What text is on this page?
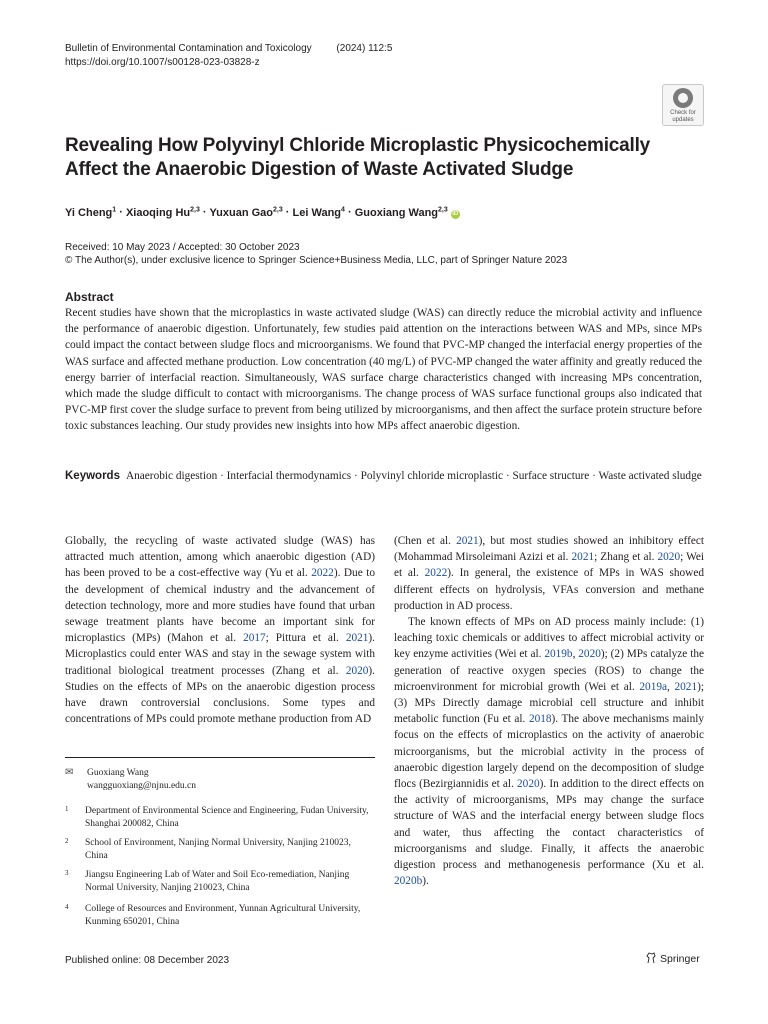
Bulletin of Environmental Contamination and Toxicology (2024) 112:5
https://doi.org/10.1007/s00128-023-03828-z
Check for
updates
Revealing How Polyvinyl Chloride Microplastic Physicochemically Affect the Anaerobic Digestion of Waste Activated Sludge
Yi Cheng$^1$ · Xiaoqing Hu$^{2,3}$ · Yuxuan Gao$^{2,3}$ · Lei Wang$^4$ · Guoxiang Wang$^{2,3}$iD
Received: 10 May 2023 / Accepted: 30 October 2023
© The Author(s), under exclusive licence to Springer Science+Business Media, LLC, part of Springer Nature 2023
Abstract
Recent studies have shown that the microplastics in waste activated sludge (WAS) can directly reduce the microbial activity and influence the performance of anaerobic digestion. Unfortunately, few studies paid attention on the interactions between WAS and MPs, since MPs could impact the contact between sludge flocs and microorganisms. We found that PVC-MP changed the interfacial energy properties of the WAS surface and affected methane production. Low concentration (40 mg/L) of PVC-MP changed the water affinity and greatly reduced the energy barrier of interfacial reaction. Simultaneously, WAS surface charge characteristics changed with increasing MPs concentration, which made the sludge difficult to contact with microorganisms. The change process of WAS surface functional groups also indicated that PVC-MP first cover the sludge surface to prevent from being utilized by microorganisms, and then affect the surface protein structure before toxic substances leaching. Our study provides new insights into how MPs affect anaerobic digestion.
Keywords Anaerobic digestion · Interfacial thermodynamics · Polyvinyl chloride microplastic · Surface structure · Waste activated sludge

Globally, the recycling of waste activated sludge (WAS) has attracted much attention, among which anaerobic digestion (AD) has been proved to be a cost-effective way (Yu et al. 2022). Due to the development of chemical industry and the advancement of detection technology, more and more studies have found that urban sewage treatment plants have become an important sink for microplastics (MPs) (Mahon et al. 2017; Pittura et al. 2021). Microplastics could enter WAS and stay in the sewage system with traditional biological treatment processes (Zhang et al. 2020). Studies on the effects of MPs on the anaerobic digestion process have drawn controversial conclusions. Some types and concentrations of MPs could promote methane production from AD

(Chen et al. 2021), but most studies showed an inhibitory effect (Mohammad Mirsoleimani Azizi et al. 2021; Zhang et al. 2020; Wei et al. 2022). In general, the existence of MPs in WAS showed different effects on hydrolysis, VFAs conversion and methane production in AD process.

The known effects of MPs on AD process mainly include: (1) leaching toxic chemicals or additives to affect microbial activity or key enzyme activities (Wei et al. 2019b, 2020); (2) MPs catalyze the generation of reactive oxygen species (ROS) to change the microenvironment for microbial growth (Wei et al. 2019a, 2021); (3) MPs Directly damage microbial cell structure and inhibit metabolic function (Fu et al. 2018). The above mechanisms mainly focus on the effects of microplastics on the activity of anaerobic microorganisms, but the microbial activity in the process of anaerobic digestion largely depend on the decomposition of sludge flocs (Bezirgiannidis et al. 2020). In addition to the direct effects on the activity of microorganisms, MPs may change the surface structure of WAS and the interfacial energy between sludge flocs and water, thus affecting the contact characteristics of microorganisms and sludge. Finally, it affects the anaerobic digestion process and methanogenesis performance (Xu et al. 2020b).

✉ Guoxiang Wang
wangguoxiang@njnu.edu.cn
1 Department of Environmental Science and Engineering, Fudan University, Shanghai 200082, China
2 School of Environment, Nanjing Normal University, Nanjing 210023, China
3 Jiangsu Engineering Lab of Water and Soil Eco-remediation, Nanjing Normal University, Nanjing 210023, China
4 College of Resources and Environment, Yunnan Agricultural University, Kunming 650201, China
Published online: 08 December 2023	Springer
